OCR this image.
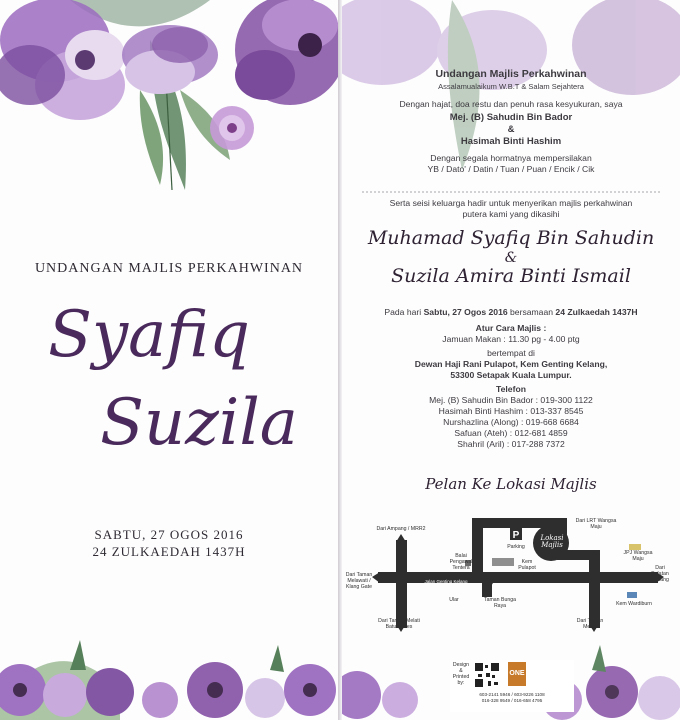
UNDANGAN MAJLIS PERKAHWINAN
Syafiq
Suzila
SABTU, 27 OGOS 2016
24 ZULKAEDAH 1437H
Undangan Majlis Perkahwinan
Assalamualaikum W.B.T & Salam Sejahtera
Dengan hajat, doa restu dan penuh rasa kesyukuran, saya
Mej. (B) Sahudin Bin Bador
&
Hasimah Binti Hashim
Dengan segala hormatnya mempersilakan
YB / Dato' / Datin / Tuan / Puan / Encik / Cik
Serta seisi keluarga hadir untuk menyerikan majlis perkahwinan
putera kami yang dikasihi
Muhamad Syafiq Bin Sahudin
&
Suzila Amira Binti Ismail
Pada hari Sabtu, 27 Ogos 2016 bersamaan 24 Zulkaedah 1437H
Atur Cara Majlis :
Jamuan Makan : 11.30 pg - 4.00 ptg
bertempat di
Dewan Haji Rani Pulapot, Kem Genting Kelang,
53300 Setapak Kuala Lumpur.
Telefon
Mej. (B) Sahudin Bin Bador : 019-300 1122
Hasimah Binti Hashim : 013-337 8545
Nurshazlina (Along) : 019-668 6684
Safuan (Ateh) : 012-681 4859
Shahril (Aril) : 017-288 7372
Pelan Ke Lokasi Majlis
P
Dari Ampang / MRR2
Dari LRT Wangsa Maju
Lokasi
Majlis
Parking
Balai
Pengawal
Tentera
Kem
Pulapot
JPJ Wangsa
Maju
Dari
Bulatan
Pahang
Dari Taman
Melawati /
Klang Gate
Jalan Genting Kelang
Ular	Taman Bunga
Raya	Kem Wardiburn
Dari Taman Melati
Batu Caves
Dari Taman
Melati
Design
&
Printed
by:
ONE
603-2141 5946 / 603-9226 1108
016-328 9549 / 016-658 4795
